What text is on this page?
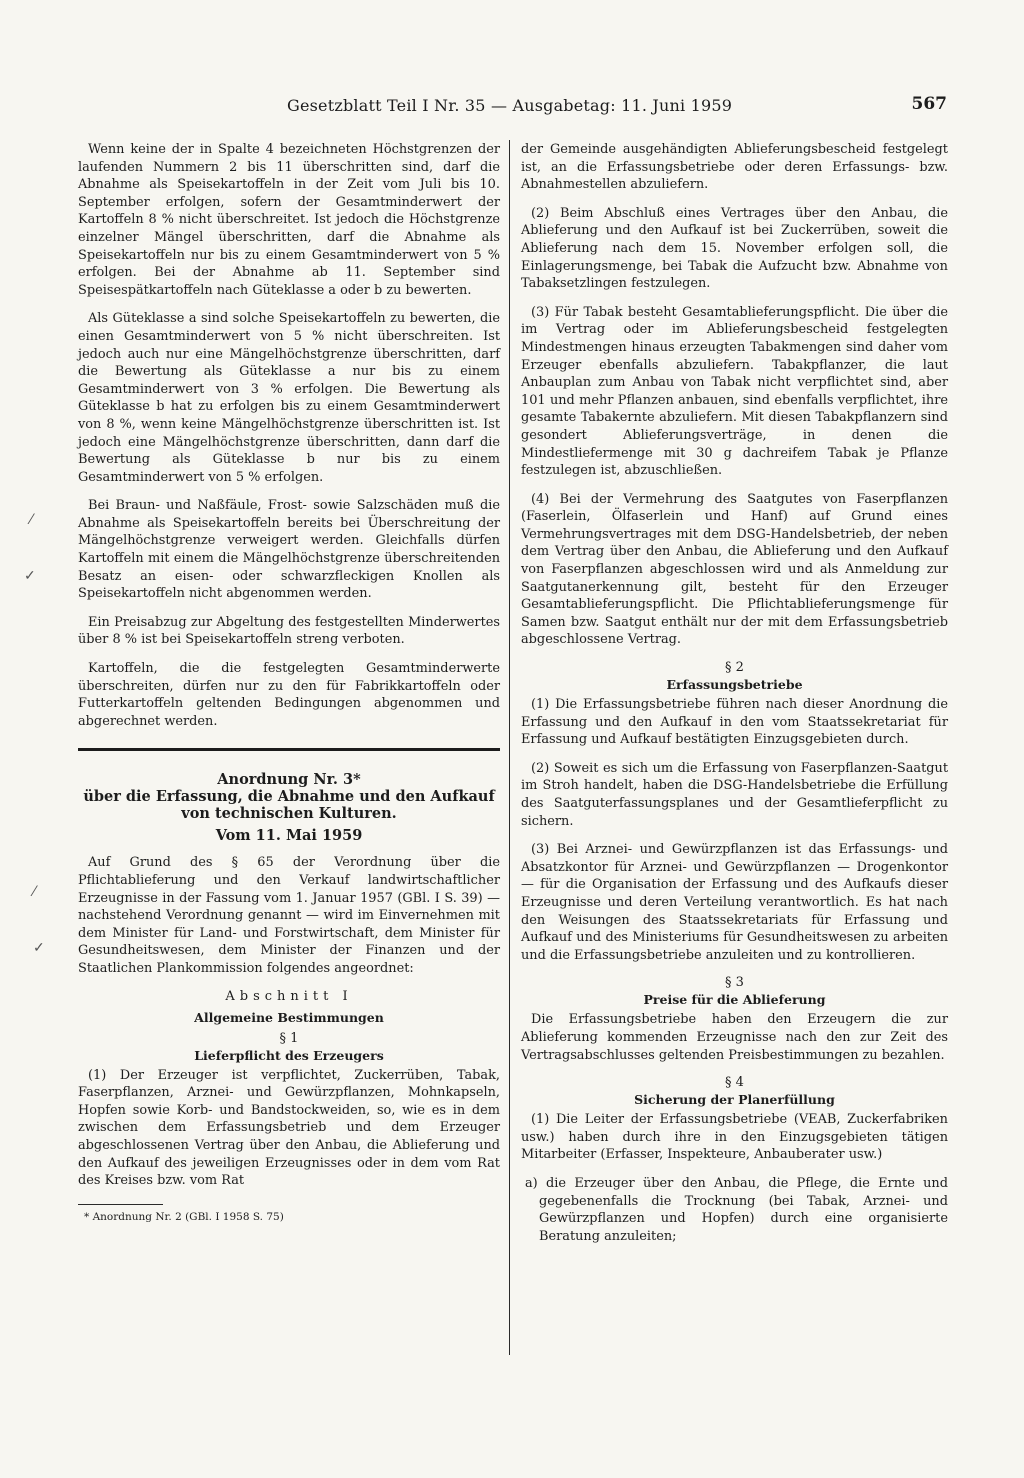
Gesetzblatt Teil I Nr. 35 — Ausgabetag: 11. Juni 1959	567
⁄
✓
⁄
✓

Wenn keine der in Spalte 4 bezeichneten Höchstgrenzen der laufenden Nummern 2 bis 11 überschritten sind, darf die Abnahme als Speisekartoffeln in der Zeit vom Juli bis 10. September erfolgen, sofern der Gesamtminderwert der Kartoffeln 8 % nicht überschreitet. Ist jedoch die Höchstgrenze einzelner Mängel überschritten, darf die Abnahme als Speisekartoffeln nur bis zu einem Gesamtminderwert von 5 % erfolgen. Bei der Abnahme ab 11. September sind Speisespätkartoffeln nach Güteklasse a oder b zu bewerten.

Als Güteklasse a sind solche Speisekartoffeln zu bewerten, die einen Gesamtminderwert von 5 % nicht überschreiten. Ist jedoch auch nur eine Mängelhöchstgrenze überschritten, darf die Bewertung als Güteklasse a nur bis zu einem Gesamtminderwert von 3 % erfolgen. Die Bewertung als Güteklasse b hat zu erfolgen bis zu einem Gesamtminderwert von 8 %, wenn keine Mängelhöchstgrenze überschritten ist. Ist jedoch eine Mängelhöchstgrenze überschritten, dann darf die Bewertung als Güteklasse b nur bis zu einem Gesamtminderwert von 5 % erfolgen.

Bei Braun- und Naßfäule, Frost- sowie Salzschäden muß die Abnahme als Speisekartoffeln bereits bei Überschreitung der Mängelhöchstgrenze verweigert werden. Gleichfalls dürfen Kartoffeln mit einem die Mängelhöchstgrenze überschreitenden Besatz an eisen- oder schwarzfleckigen Knollen als Speisekartoffeln nicht abgenommen werden.

Ein Preisabzug zur Abgeltung des festgestellten Minderwertes über 8 % ist bei Speisekartoffeln streng verboten.

Kartoffeln, die die festgelegten Gesamtminderwerte überschreiten, dürfen nur zu den für Fabrikkartoffeln oder Futterkartoffeln geltenden Bedingungen abgenommen und abgerechnet werden.

Anordnung Nr. 3*
über die Erfassung, die Abnahme und den Aufkauf
von technischen Kulturen.
Vom 11. Mai 1959

Auf Grund des § 65 der Verordnung über die Pflichtablieferung und den Verkauf landwirtschaftlicher Erzeugnisse in der Fassung vom 1. Januar 1957 (GBl. I S. 39) — nachstehend Verordnung genannt — wird im Einvernehmen mit dem Minister für Land- und Forstwirtschaft, dem Minister für Gesundheitswesen, dem Minister der Finanzen und der Staatlichen Plankommission folgendes angeordnet:

Abschnitt I
Allgemeine Bestimmungen
§ 1
Lieferpflicht des Erzeugers

(1) Der Erzeuger ist verpflichtet, Zuckerrüben, Tabak, Faserpflanzen, Arznei- und Gewürzpflanzen, Mohnkapseln, Hopfen sowie Korb- und Bandstockweiden, so, wie es in dem zwischen dem Erfassungsbetrieb und dem Erzeuger abgeschlossenen Vertrag über den Anbau, die Ablieferung und den Aufkauf des jeweiligen Erzeugnisses oder in dem vom Rat des Kreises bzw. vom Rat

* Anordnung Nr. 2 (GBl. I 1958 S. 75)

der Gemeinde ausgehändigten Ablieferungsbescheid festgelegt ist, an die Erfassungsbetriebe oder deren Erfassungs- bzw. Abnahmestellen abzuliefern.

(2) Beim Abschluß eines Vertrages über den Anbau, die Ablieferung und den Aufkauf ist bei Zuckerrüben, soweit die Ablieferung nach dem 15. November erfolgen soll, die Einlagerungsmenge, bei Tabak die Aufzucht bzw. Abnahme von Tabaksetzlingen festzulegen.

(3) Für Tabak besteht Gesamtablieferungspflicht. Die über die im Vertrag oder im Ablieferungsbescheid festgelegten Mindestmengen hinaus erzeugten Tabakmengen sind daher vom Erzeuger ebenfalls abzuliefern. Tabakpflanzer, die laut Anbauplan zum Anbau von Tabak nicht verpflichtet sind, aber 101 und mehr Pflanzen anbauen, sind ebenfalls verpflichtet, ihre gesamte Tabakernte abzuliefern. Mit diesen Tabakpflanzern sind gesondert Ablieferungsverträge, in denen die Mindestliefermenge mit 30 g dachreifem Tabak je Pflanze festzulegen ist, abzuschließen.

(4) Bei der Vermehrung des Saatgutes von Faserpflanzen (Faserlein, Ölfaserlein und Hanf) auf Grund eines Vermehrungsvertrages mit dem DSG-Handelsbetrieb, der neben dem Vertrag über den Anbau, die Ablieferung und den Aufkauf von Faserpflanzen abgeschlossen wird und als Anmeldung zur Saatgutanerkennung gilt, besteht für den Erzeuger Gesamtablieferungspflicht. Die Pflichtablieferungsmenge für Samen bzw. Saatgut enthält nur der mit dem Erfassungsbetrieb abgeschlossene Vertrag.

§ 2
Erfassungsbetriebe

(1) Die Erfassungsbetriebe führen nach dieser Anordnung die Erfassung und den Aufkauf in den vom Staatssekretariat für Erfassung und Aufkauf bestätigten Einzugsgebieten durch.

(2) Soweit es sich um die Erfassung von Faserpflanzen-Saatgut im Stroh handelt, haben die DSG-Handelsbetriebe die Erfüllung des Saatguterfassungsplanes und der Gesamtlieferpflicht zu sichern.

(3) Bei Arznei- und Gewürzpflanzen ist das Erfassungs- und Absatzkontor für Arznei- und Gewürzpflanzen — Drogenkontor — für die Organisation der Erfassung und des Aufkaufs dieser Erzeugnisse und deren Verteilung verantwortlich. Es hat nach den Weisungen des Staatssekretariats für Erfassung und Aufkauf und des Ministeriums für Gesundheitswesen zu arbeiten und die Erfassungsbetriebe anzuleiten und zu kontrollieren.

§ 3
Preise für die Ablieferung

Die Erfassungsbetriebe haben den Erzeugern die zur Ablieferung kommenden Erzeugnisse nach den zur Zeit des Vertragsabschlusses geltenden Preisbestimmungen zu bezahlen.

§ 4
Sicherung der Planerfüllung

(1) Die Leiter der Erfassungsbetriebe (VEAB, Zuckerfabriken usw.) haben durch ihre in den Einzugsgebieten tätigen Mitarbeiter (Erfasser, Inspekteure, Anbauberater usw.)

a) die Erzeuger über den Anbau, die Pflege, die Ernte und gegebenenfalls die Trocknung (bei Tabak, Arznei- und Gewürzpflanzen und Hopfen) durch eine organisierte Beratung anzuleiten;
